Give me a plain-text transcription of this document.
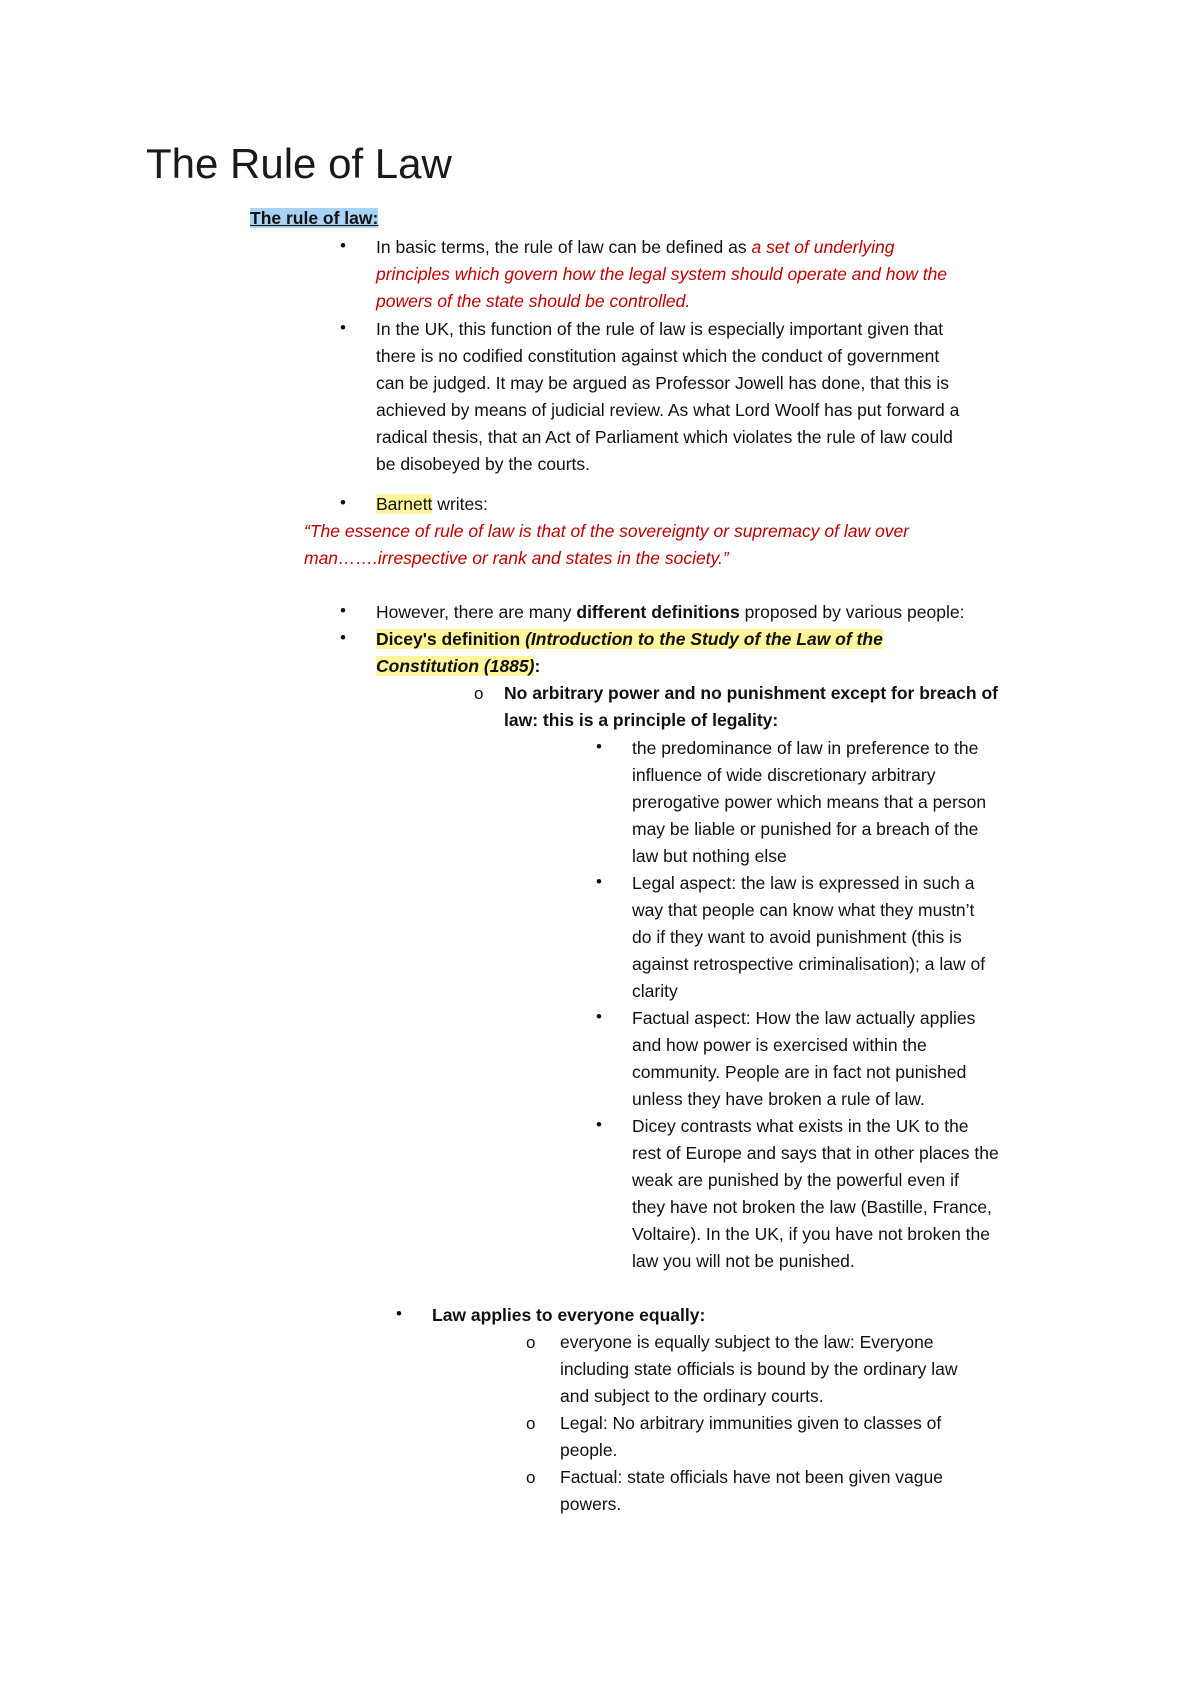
The Rule of Law
The rule of law:
• In basic terms, the rule of law can be defined as a set of underlying
principles which govern how the legal system should operate and how the
powers of the state should be controlled.
• In the UK, this function of the rule of law is especially important given that
there is no codified constitution against which the conduct of government
can be judged. It may be argued as Professor Jowell has done, that this is
achieved by means of judicial review. As what Lord Woolf has put forward a
radical thesis, that an Act of Parliament which violates the rule of law could
be disobeyed by the courts.
• Barnett writes:
“The essence of rule of law is that of the sovereignty or supremacy of law over
man…….irrespective or rank and states in the society.”
• However, there are many different definitions proposed by various people:
• Dicey's definition (Introduction to the Study of the Law of the
Constitution (1885):
o No arbitrary power and no punishment except for breach of
law: this is a principle of legality:
• the predominance of law in preference to the
influence of wide discretionary arbitrary
prerogative power which means that a person
may be liable or punished for a breach of the
law but nothing else
• Legal aspect: the law is expressed in such a
way that people can know what they mustn’t
do if they want to avoid punishment (this is
against retrospective criminalisation); a law of
clarity
• Factual aspect: How the law actually applies
and how power is exercised within the
community. People are in fact not punished
unless they have broken a rule of law.
• Dicey contrasts what exists in the UK to the
rest of Europe and says that in other places the
weak are punished by the powerful even if
they have not broken the law (Bastille, France,
Voltaire). In the UK, if you have not broken the
law you will not be punished.
• Law applies to everyone equally:
o everyone is equally subject to the law: Everyone
including state officials is bound by the ordinary law
and subject to the ordinary courts.
o Legal: No arbitrary immunities given to classes of
people.
o Factual: state officials have not been given vague
powers.
